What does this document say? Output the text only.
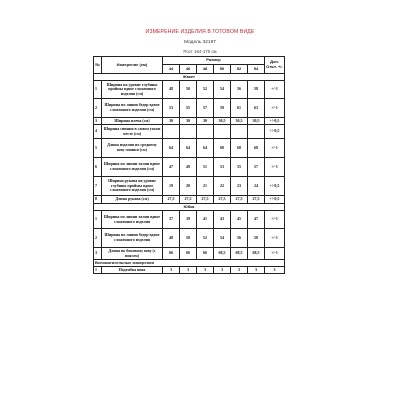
ИЗМЕРЕНИЕ ИЗДЕЛИЯ В ГОТОВОМ ВИДЕ
Модель 32197
Рост 164-170 см
№	Измерение (см)	Размер						Доп. Откл. +/-
		44	46	48	50	52	54	
Жакет								
1	Ширина на уровне глубины проймы вдвое сложенного изделия (см)	48	50	52	54	56	58	+/-1
2	Ширина по линии бедер вдвое сложенного изделия (см)	53	55	57	59	61	63	+/-1
3	Ширина плеча (см)	30	30	30	30,5	30,5	30,5	+/-0,5
4	Ширина спинки в самом узком месте (см)							+/-0,5
5	Длина изделия по среднему шву спинки (см)	64	64	64	68	68	68	+/-1
6	Ширина по линии талии вдвое сложенного изделия (см)	47	49	51	53	55	57	+/-1
7	Ширина рукава на уровне глубины проймы вдвое сложенного изделия (см)	19	20	21	22	23	24	+/-0,5
8	Длина рукава (см)	27,5	27,5	27,5	27,5	27,5	27,5	+/-0,5
Юбка								
1	Ширина по линии талии вдвое сложенного изделия	37	39	41	43	45	47	+/-1
2	Ширина по линии бедер вдвое сложенного изделия	48	50	52	54	56	58	+/-1
3	Длина по боковому шву (с поясом)	66	66	66	68,5	68,5	68,5	+/-1
Вспомогательные измерения								
1	Подгибка низа	3	3	3	3	3	3	3
